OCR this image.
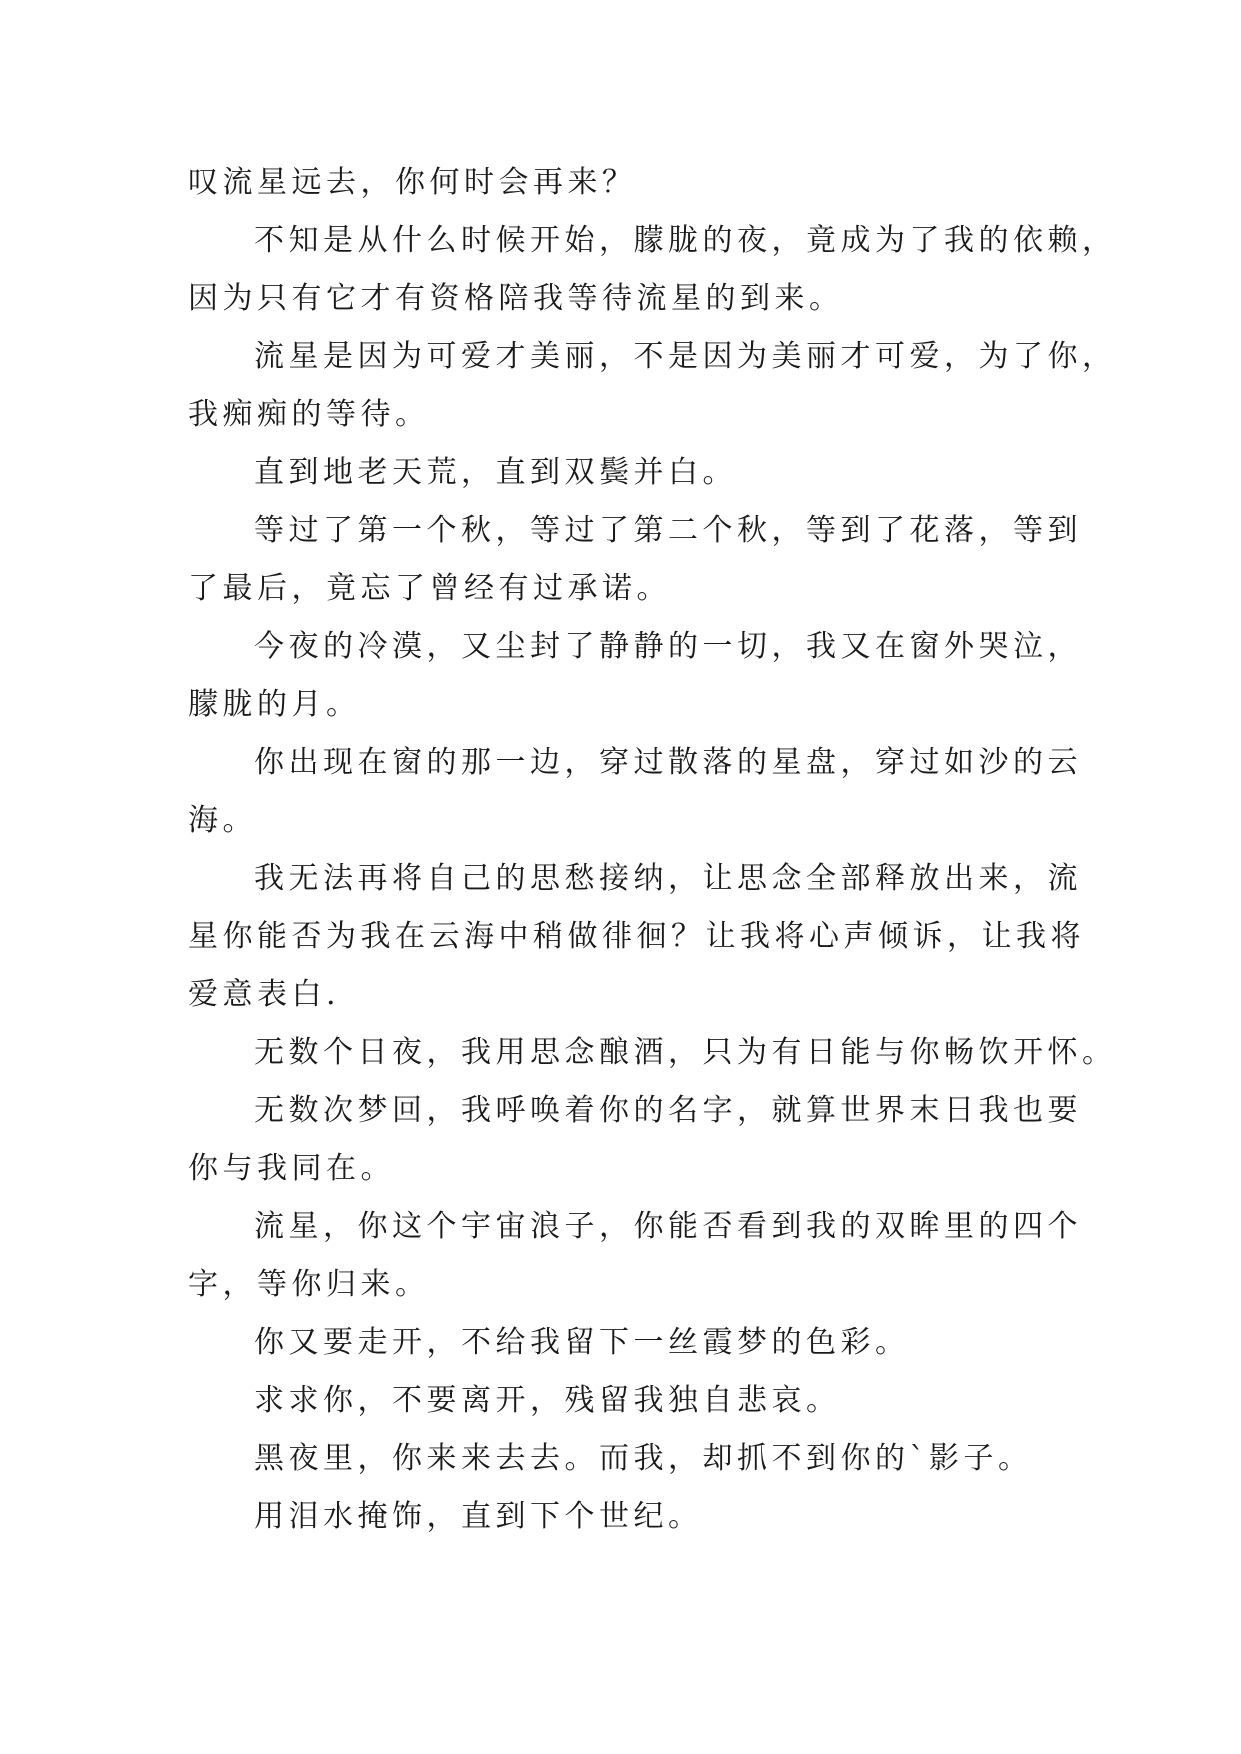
叹流星远去，你何时会再来？
不知是从什么时候开始，朦胧的夜，竟成为了我的依赖，
因为只有它才有资格陪我等待流星的到来。
流星是因为可爱才美丽，不是因为美丽才可爱，为了你，
我痴痴的等待。
直到地老天荒，直到双鬓并白。
等过了第一个秋，等过了第二个秋，等到了花落，等到
了最后，竟忘了曾经有过承诺。
今夜的冷漠，又尘封了静静的一切，我又在窗外哭泣，
朦胧的月。
你出现在窗的那一边，穿过散落的星盘，穿过如沙的云
海。
我无法再将自己的思愁接纳，让思念全部释放出来，流
星你能否为我在云海中稍做徘徊？让我将心声倾诉，让我将
爱意表白.
无数个日夜，我用思念酿酒，只为有日能与你畅饮开怀。
无数次梦回，我呼唤着你的名字，就算世界末日我也要
你与我同在。
流星，你这个宇宙浪子，你能否看到我的双眸里的四个
字，等你归来。
你又要走开，不给我留下一丝霞梦的色彩。
求求你，不要离开，残留我独自悲哀。
黑夜里，你来来去去。而我，却抓不到你的`影子。
用泪水掩饰，直到下个世纪。
